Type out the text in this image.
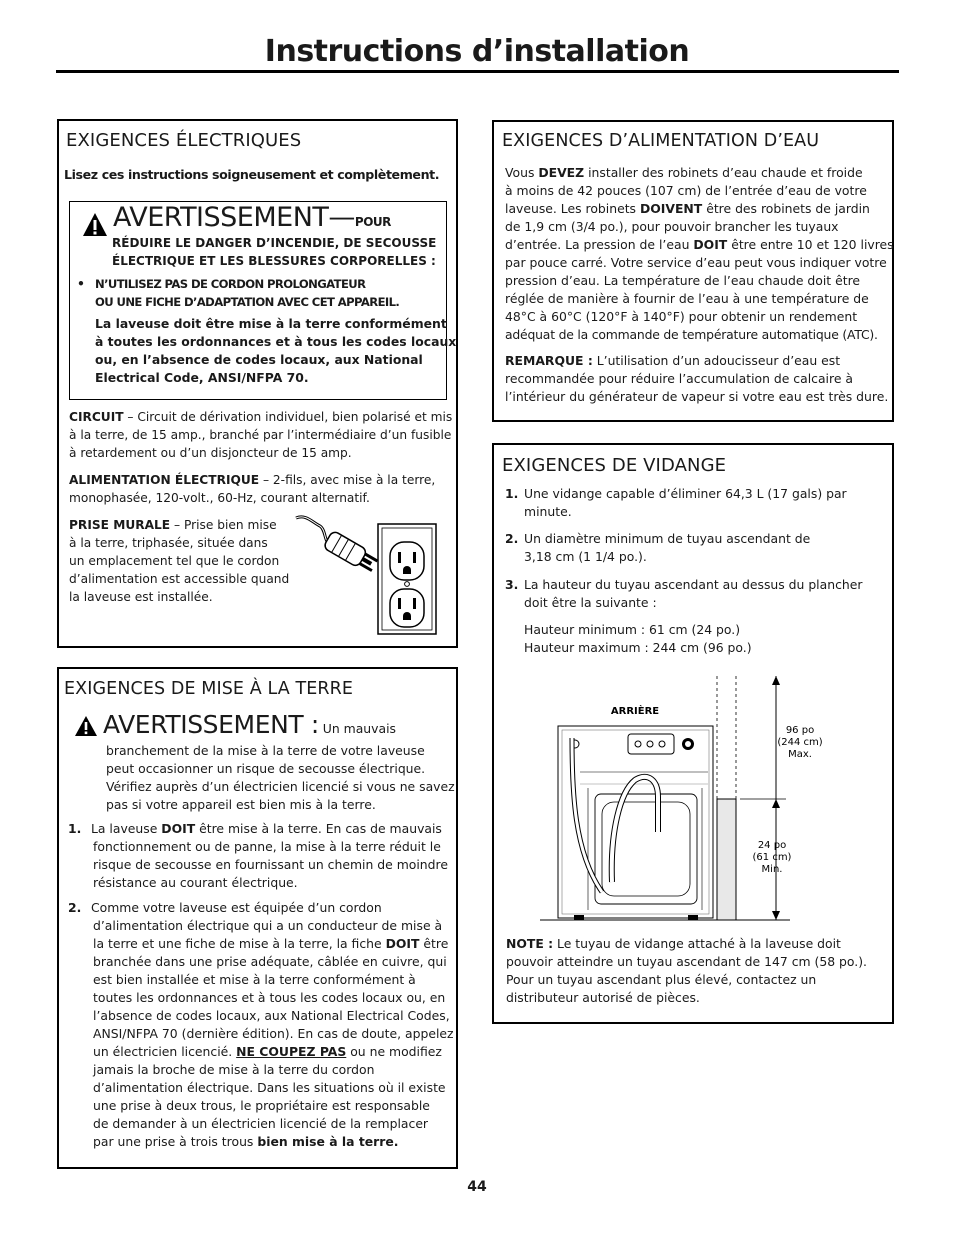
Instructions d’installation
EXIGENCES ÉLECTRIQUES
Lisez ces instructions soigneusement et complètement.
AVERTISSEMENT—POUR
RÉDUIRE LE DANGER D’INCENDIE, DE SECOUSSE
ÉLECTRIQUE ET LES BLESSURES CORPORELLES :
• N’UTILISEZ PAS DE CORDON PROLONGATEUR
OU UNE FICHE D’ADAPTATION AVEC CET APPAREIL.
La laveuse doit être mise à la terre conformément
à toutes les ordonnances et à tous les codes locaux
ou, en l’absence de codes locaux, aux National
Electrical Code, ANSI/NFPA 70.
CIRCUIT – Circuit de dérivation individuel, bien polarisé et mis
à la terre, de 15 amp., branché par l’intermédiaire d’un fusible
à retardement ou d’un disjoncteur de 15 amp.
ALIMENTATION ÉLECTRIQUE – 2-fils, avec mise à la terre,
monophasée, 120-volt., 60-Hz, courant alternatif.
PRISE MURALE – Prise bien mise
à la terre, triphasée, située dans
un emplacement tel que le cordon
d’alimentation est accessible quand
la laveuse est installée.
EXIGENCES DE MISE À LA TERRE
AVERTISSEMENT : Un mauvais
branchement de la mise à la terre de votre laveuse
peut occasionner un risque de secousse électrique.
Vérifiez auprès d’un électricien licencié si vous ne savez
pas si votre appareil est bien mis à la terre.
1. La laveuse DOIT être mise à la terre. En cas de mauvais
fonctionnement ou de panne, la mise à la terre réduit le
risque de secousse en fournissant un chemin de moindre
résistance au courant électrique.
2. Comme votre laveuse est équipée d’un cordon
d’alimentation électrique qui a un conducteur de mise à
la terre et une fiche de mise à la terre, la fiche DOIT être
branchée dans une prise adéquate, câblée en cuivre, qui
est bien installée et mise à la terre conformément à
toutes les ordonnances et à tous les codes locaux ou, en
l’absence de codes locaux, aux National Electrical Codes,
ANSI/NFPA 70 (dernière édition). En cas de doute, appelez
un électricien licencié. NE COUPEZ PAS ou ne modifiez
jamais la broche de mise à la terre du cordon
d’alimentation électrique. Dans les situations où il existe
une prise à deux trous, le propriétaire est responsable
de demander à un électricien licencié de la remplacer
par une prise à trois trous bien mise à la terre.
EXIGENCES D’ALIMENTATION D’EAU
Vous DEVEZ installer des robinets d’eau chaude et froide
à moins de 42 pouces (107 cm) de l’entrée d’eau de votre
laveuse. Les robinets DOIVENT être des robinets de jardin
de 1,9 cm (3/4 po.), pour pouvoir brancher les tuyaux
d’entrée. La pression de l’eau DOIT être entre 10 et 120 livres
par pouce carré. Votre service d’eau peut vous indiquer votre
pression d’eau. La température de l’eau chaude doit être
réglée de manière à fournir de l’eau à une température de
48°C à 60°C (120°F à 140°F) pour obtenir un rendement
adéquat de la commande de température automatique (ATC).
REMARQUE : L’utilisation d’un adoucisseur d’eau est
recommandée pour réduire l’accumulation de calcaire à
l’intérieur du générateur de vapeur si votre eau est très dure.
EXIGENCES DE VIDANGE
1. Une vidange capable d’éliminer 64,3 L (17 gals) par
minute.
2. Un diamètre minimum de tuyau ascendant de
3,18 cm (1 1/4 po.).
3. La hauteur du tuyau ascendant au dessus du plancher
doit être la suivante :
Hauteur minimum : 61 cm (24 po.)
Hauteur maximum : 244 cm (96 po.)
ARRIÈRE
96 po
(244 cm)
Max.
24 po
(61 cm)
Min.
NOTE : Le tuyau de vidange attaché à la laveuse doit
pouvoir atteindre un tuyau ascendant de 147 cm (58 po.).
Pour un tuyau ascendant plus élevé, contactez un
distributeur autorisé de pièces.
44
